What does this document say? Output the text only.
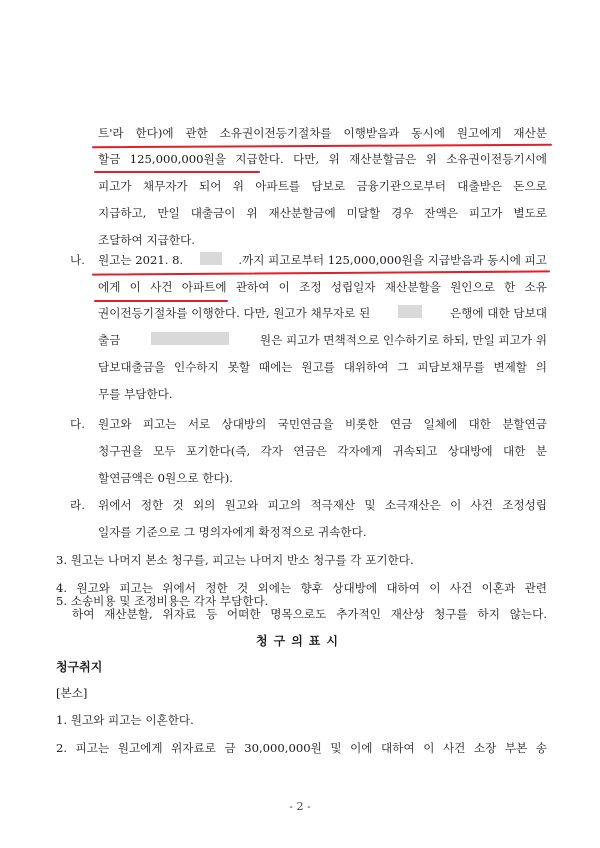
트'라 한다)에 관한 소유권이전등기절차를 이행받음과 동시에 원고에게 재산분
할금 125,000,000원을 지급한다. 다만, 위 재산분할금은 위 소유권이전등기시에
피고가 채무자가 되어 위 아파트를 담보로 금융기관으로부터 대출받은 돈으로
지급하고, 만일 대출금이 위 재산분할금에 미달할 경우 잔액은 피고가 별도로
조달하여 지급한다.
나. 원고는 2021. 8.	.까지 피고로부터 125,000,000원을 지급받음과 동시에 피고
에게 이 사건 아파트에 관하여 이 조정 성립일자 재산분할을 원인으로 한 소유
권이전등기절차를 이행한다. 다만, 원고가 채무자로 된	은행에 대한 담보대
출금	원은 피고가 면책적으로 인수하기로 하되, 만일 피고가 위
담보대출금을 인수하지 못할 때에는 원고를 대위하여 그 피담보채무를 변제할 의
무를 부담한다.
다. 원고와 피고는 서로 상대방의 국민연금을 비롯한 연금 일체에 대한 분할연금
청구권을 모두 포기한다(즉, 각자 연금은 각자에게 귀속되고 상대방에 대한 분
할연금액은 0원으로 한다).
라. 위에서 정한 것 외의 원고와 피고의 적극재산 및 소극재산은 이 사건 조정성립
일자를 기준으로 그 명의자에게 확정적으로 귀속한다.
3. 원고는 나머지 본소 청구를, 피고는 나머지 반소 청구를 각 포기한다.
4. 원고와 피고는 위에서 정한 것 외에는 향후 상대방에 대하여 이 사건 이혼과 관련
하여 재산분할, 위자료 등 어떠한 명목으로도 추가적인 재산상 청구를 하지 않는다.
5. 소송비용 및 조정비용은 각자 부담한다.
청구의표시
청구취지
[본소]
1. 원고와 피고는 이혼한다.
2. 피고는 원고에게 위자료로 금 30,000,000원 및 이에 대하여 이 사건 소장 부본 송
- 2 -
